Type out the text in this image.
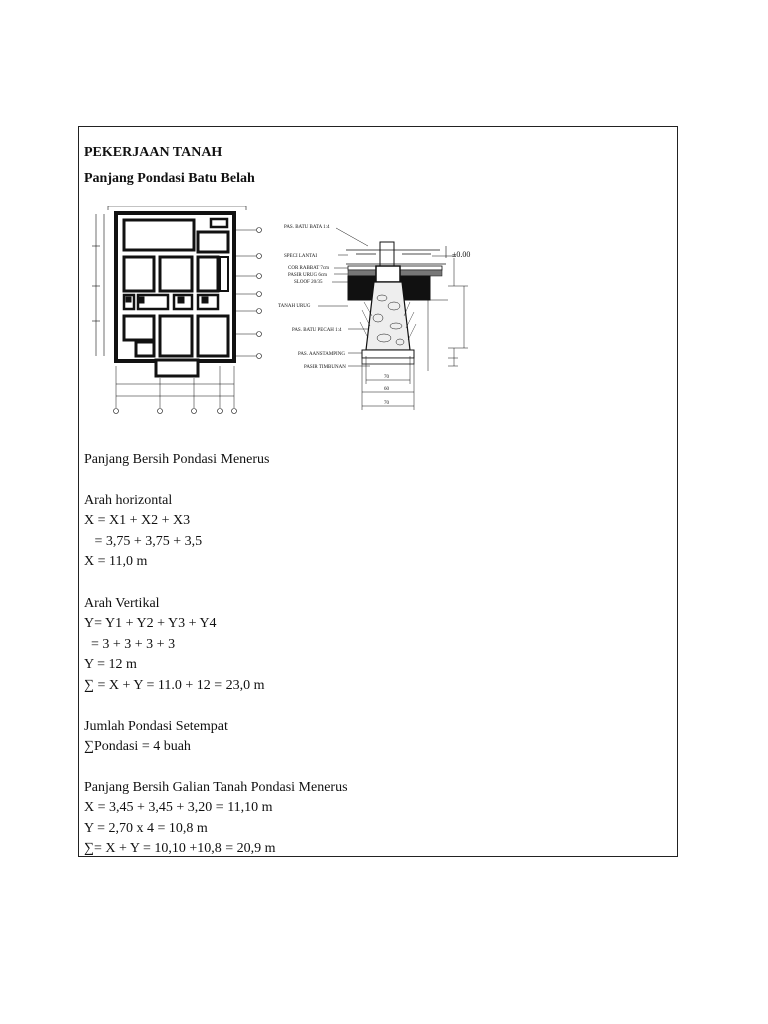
PEKERJAAN TANAH
Panjang Pondasi Batu Belah
PAS. BATU BATA 1:4
SPECI LANTAI
COR RABBAT 7cm
PASIR URUG 6cm
SLOOF 20/35
TANAH URUG
PAS. BATU PECAH 1:4
PAS. AANSTAMPING
PASIR TIMBUNAN
±0.00
70
60
70
Panjang Bersih Pondasi Menerus
Arah horizontal
X = X1 + X2 + X3
= 3,75 + 3,75 + 3,5
X = 11,0 m
Arah Vertikal
Y= Y1 + Y2 + Y3 + Y4
= 3 + 3 + 3 + 3
Y = 12 m
∑ = X + Y = 11.0 + 12 = 23,0 m
Jumlah Pondasi Setempat
∑Pondasi = 4 buah
Panjang Bersih Galian Tanah Pondasi Menerus
X = 3,45 + 3,45 + 3,20 = 11,10 m
Y = 2,70 x 4 = 10,8 m
∑= X + Y = 10,10 +10,8 = 20,9 m
